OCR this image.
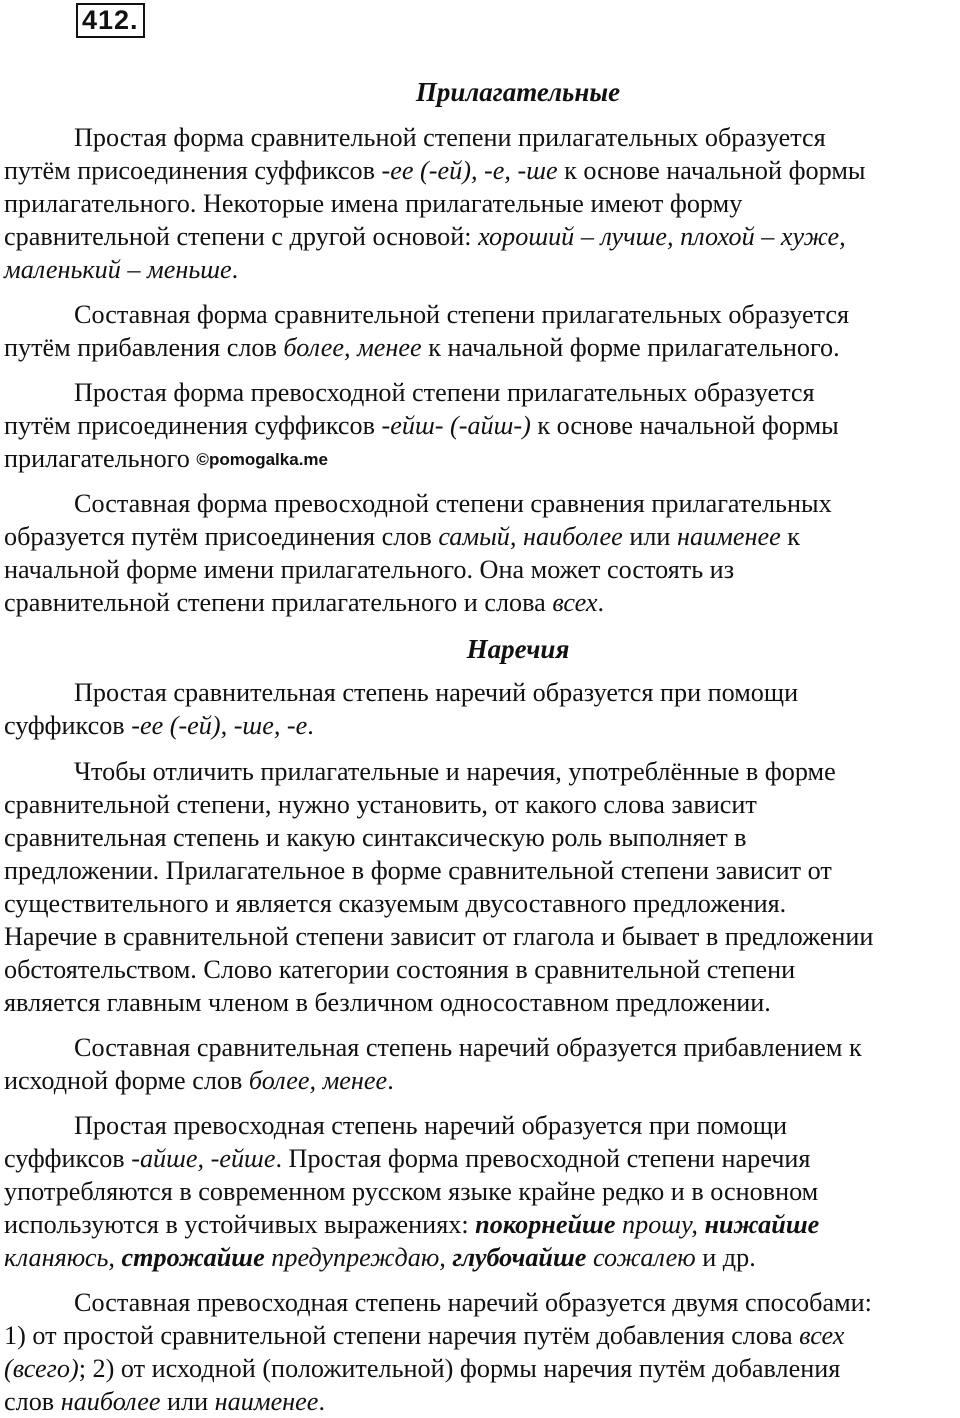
412.
Прилагательные
Простая форма сравнительной степени прилагательных образуется
путём присоединения суффиксов -ее (-ей), -е, -ше к основе начальной формы
прилагательного. Некоторые имена прилагательные имеют форму
сравнительной степени с другой основой: хороший – лучше, плохой – хуже,
маленький – меньше.
Составная форма сравнительной степени прилагательных образуется
путём прибавления слов более, менее к начальной форме прилагательного.
Простая форма превосходной степени прилагательных образуется
путём присоединения суффиксов -ейш- (-айш-) к основе начальной формы
прилагательного ©pomogalka.me
Составная форма превосходной степени сравнения прилагательных
образуется путём присоединения слов самый, наиболее или наименее к
начальной форме имени прилагательного. Она может состоять из
сравнительной степени прилагательного и слова всех.
Наречия
Простая сравнительная степень наречий образуется при помощи
суффиксов -ее (-ей), -ше, -е.
Чтобы отличить прилагательные и наречия, употреблённые в форме
сравнительной степени, нужно установить, от какого слова зависит
сравнительная степень и какую синтаксическую роль выполняет в
предложении. Прилагательное в форме сравнительной степени зависит от
существительного и является сказуемым двусоставного предложения.
Наречие в сравнительной степени зависит от глагола и бывает в предложении
обстоятельством. Слово категории состояния в сравнительной степени
является главным членом в безличном односоставном предложении.
Составная сравнительная степень наречий образуется прибавлением к
исходной форме слов более, менее.
Простая превосходная степень наречий образуется при помощи
суффиксов -айше, -ейше. Простая форма превосходной степени наречия
употребляются в современном русском языке крайне редко и в основном
используются в устойчивых выражениях: покорнейше прошу, нижайше
кланяюсь, строжайше предупреждаю, глубочайше сожалею и др.
Составная превосходная степень наречий образуется двумя способами:
1) от простой сравнительной степени наречия путём добавления слова всех
(всего); 2) от исходной (положительной) формы наречия путём добавления
слов наиболее или наименее.
